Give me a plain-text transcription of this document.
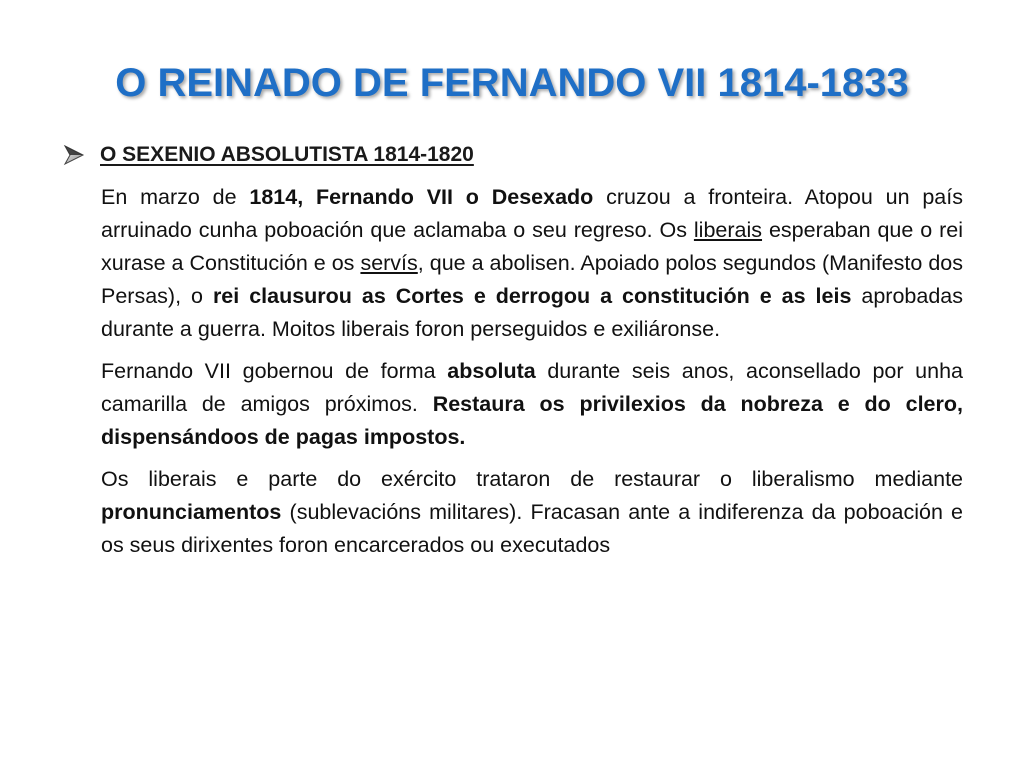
O REINADO DE FERNANDO VII 1814-1833
O SEXENIO ABSOLUTISTA 1814-1820

En marzo de 1814, Fernando VII o Desexado cruzou a fronteira. Atopou un país arruinado cunha poboación que aclamaba o seu regreso. Os liberais esperaban que o rei xurase a Constitución e os servís, que a abolisen. Apoiado polos segundos (Manifesto dos Persas), o rei clausurou as Cortes e derrogou a constitución e as leis aprobadas durante a guerra. Moitos liberais foron perseguidos e exiliáronse.

Fernando VII gobernou de forma absoluta durante seis anos, aconsellado por unha camarilla de amigos próximos. Restaura os privilexios da nobreza e do clero, dispensándoos de pagas impostos.

Os liberais e parte do exército trataron de restaurar o liberalismo mediante pronunciamentos (sublevacións militares). Fracasan ante a indiferenza da poboación e os seus dirixentes foron encarcerados ou executados
